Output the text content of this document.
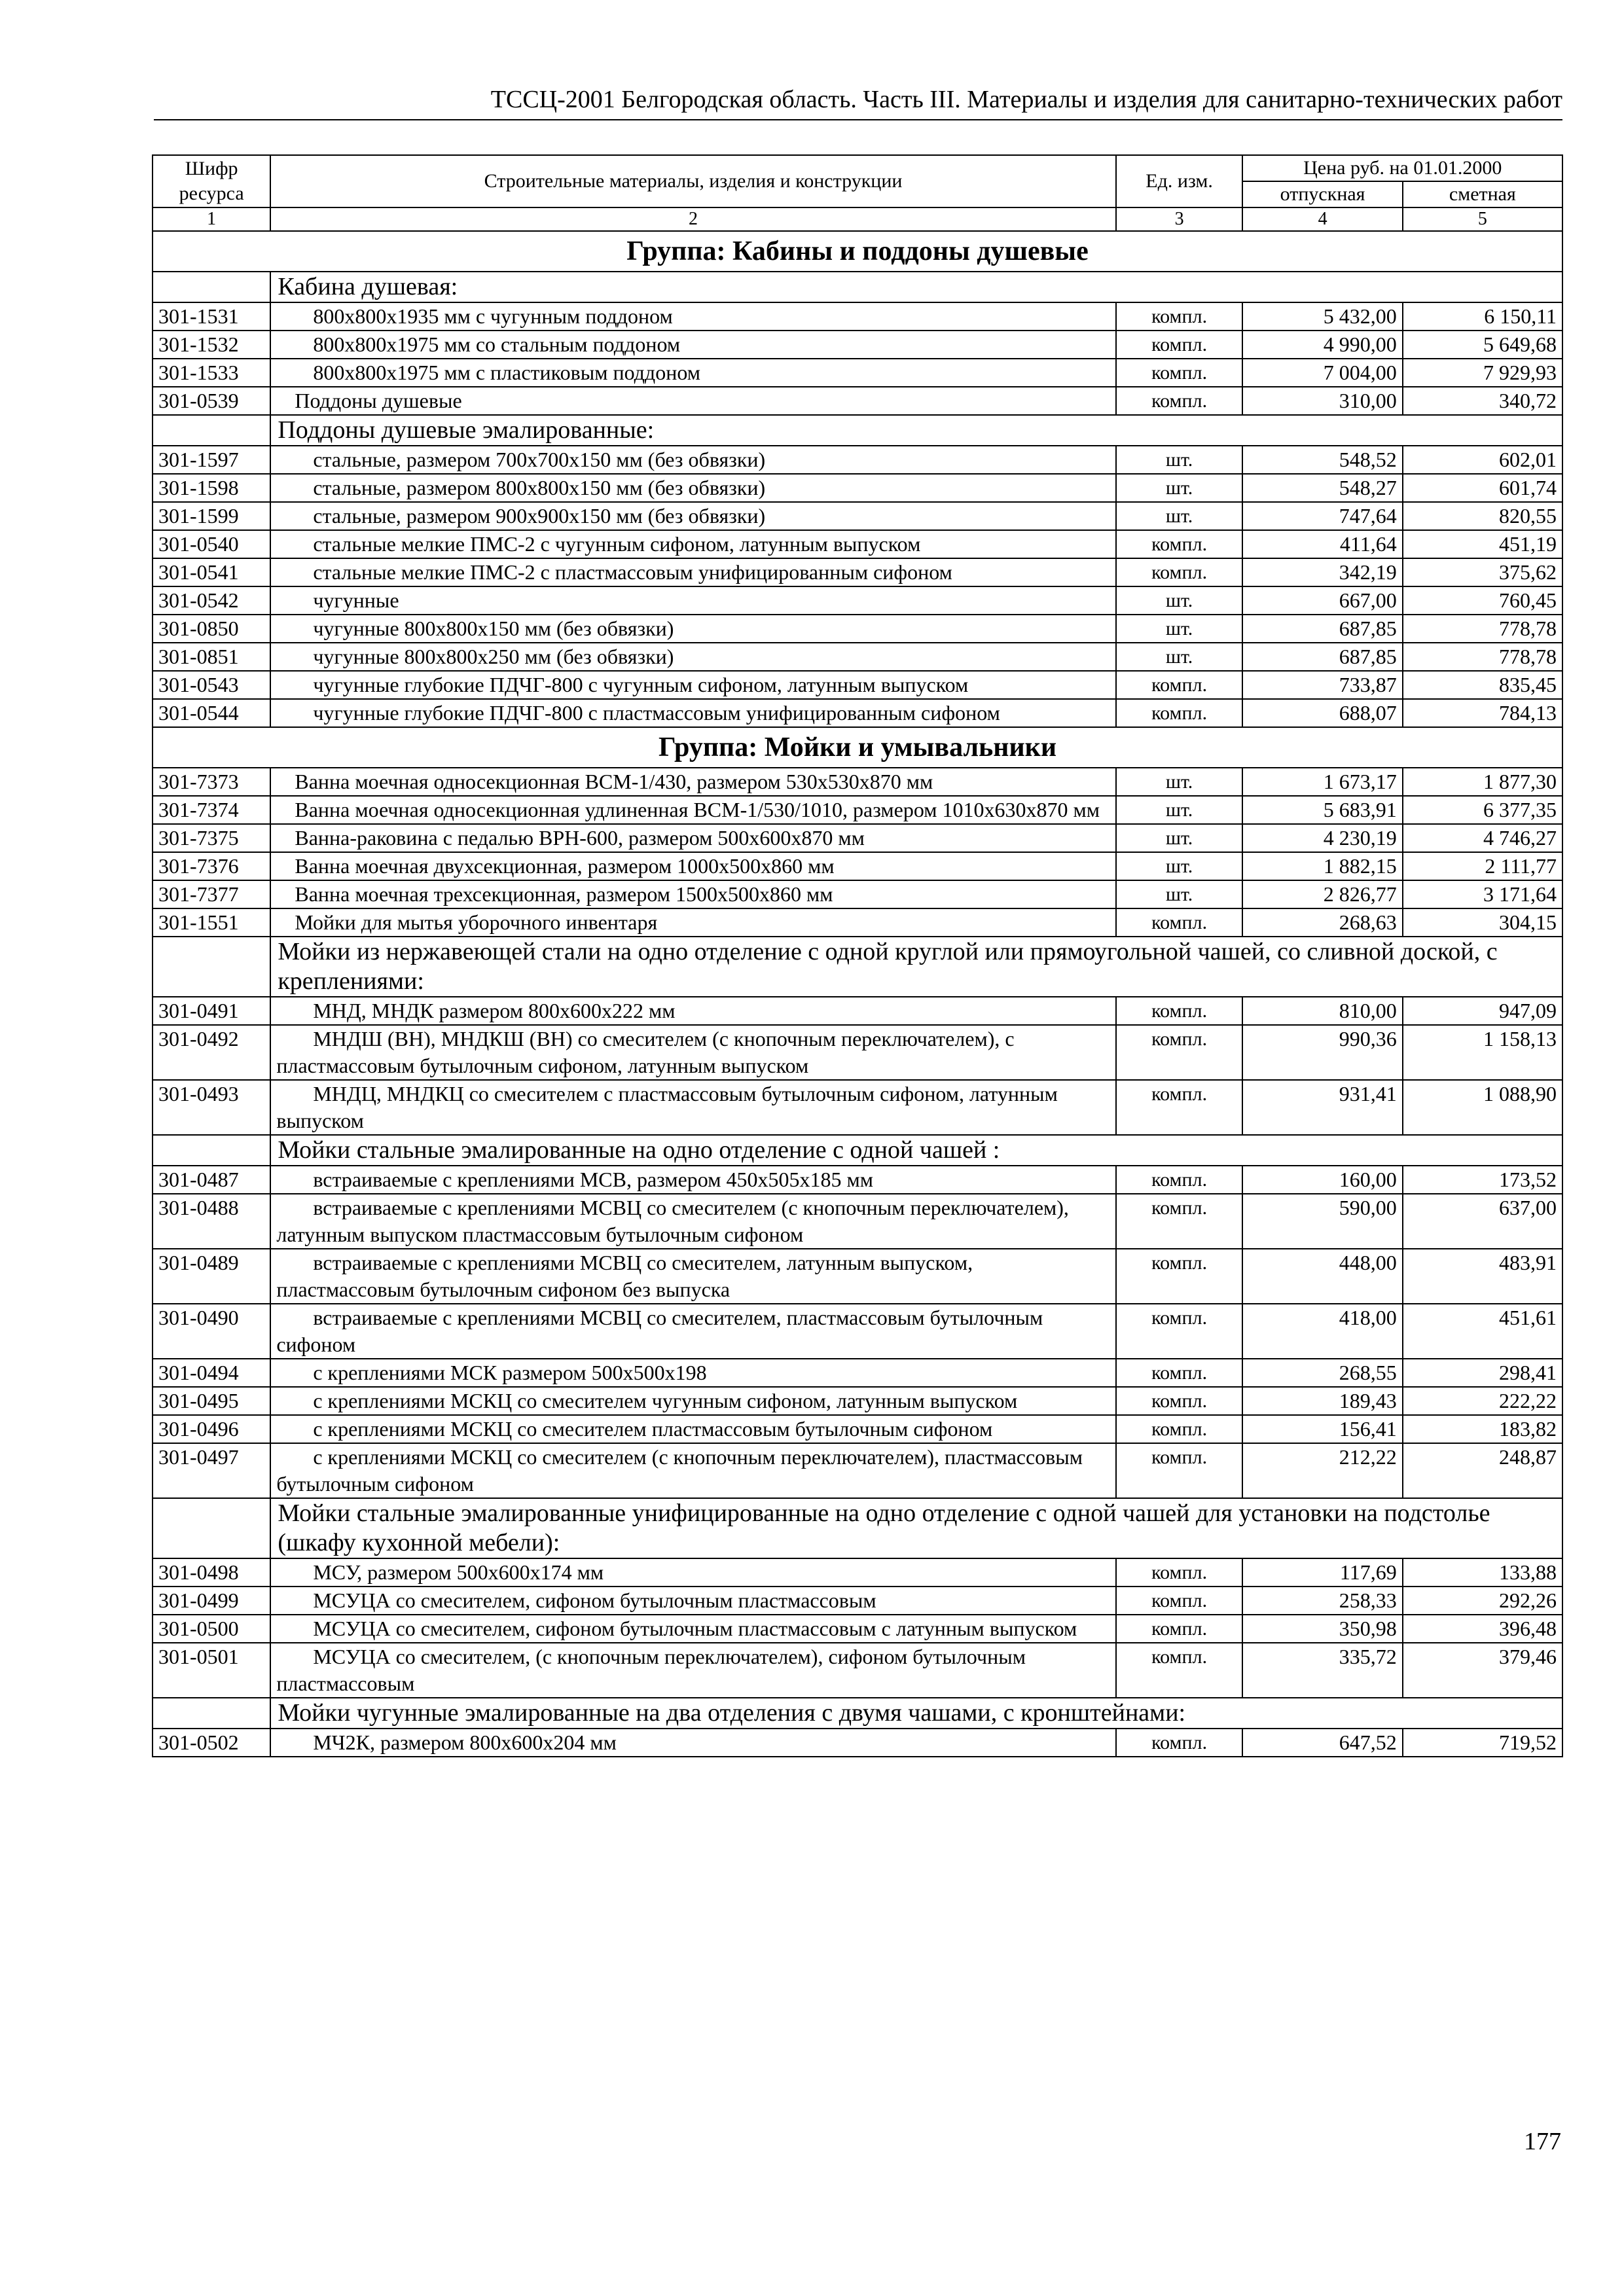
ТССЦ-2001 Белгородская область. Часть III. Материалы и изделия для санитарно-технических работ
Шифр ресурса	Строительные материалы, изделия и конструкции	Ед. изм.	Цена руб. на 01.01.2000	
			отпускная	сметная
1	2	3	4	5
Группа: Кабины и поддоны душевые				
	Кабина душевая:			
301-1531	800х800х1935 мм с чугунным поддоном	компл.	5 432,00	6 150,11
301-1532	800х800х1975 мм со стальным поддоном	компл.	4 990,00	5 649,68
301-1533	800х800х1975 мм с пластиковым поддоном	компл.	7 004,00	7 929,93
301-0539	Поддоны душевые	компл.	310,00	340,72
	Поддоны душевые эмалированные:			
301-1597	стальные, размером 700х700х150 мм (без обвязки)	шт.	548,52	602,01
301-1598	стальные, размером 800х800х150 мм (без обвязки)	шт.	548,27	601,74
301-1599	стальные, размером 900х900х150 мм (без обвязки)	шт.	747,64	820,55
301-0540	стальные мелкие ПМС-2 с чугунным сифоном, латунным выпуском	компл.	411,64	451,19
301-0541	стальные мелкие ПМС-2 с пластмассовым унифицированным сифоном	компл.	342,19	375,62
301-0542	чугунные	шт.	667,00	760,45
301-0850	чугунные 800х800х150 мм (без обвязки)	шт.	687,85	778,78
301-0851	чугунные 800х800х250 мм (без обвязки)	шт.	687,85	778,78
301-0543	чугунные глубокие ПДЧГ-800 с чугунным сифоном, латунным выпуском	компл.	733,87	835,45
301-0544	чугунные глубокие ПДЧГ-800 с пластмассовым унифицированным сифоном	компл.	688,07	784,13
Группа: Мойки и умывальники				
301-7373	Ванна моечная односекционная ВСМ-1/430, размером 530х530х870 мм	шт.	1 673,17	1 877,30
301-7374	Ванна моечная односекционная удлиненная ВСМ-1/530/1010, размером 1010х630х870 мм	шт.	5 683,91	6 377,35
301-7375	Ванна-раковина с педалью ВРН-600, размером 500х600х870 мм	шт.	4 230,19	4 746,27
301-7376	Ванна моечная двухсекционная, размером 1000х500х860 мм	шт.	1 882,15	2 111,77
301-7377	Ванна моечная трехсекционная, размером 1500х500х860 мм	шт.	2 826,77	3 171,64
301-1551	Мойки для мытья уборочного инвентаря	компл.	268,63	304,15
	Мойки из нержавеющей стали на одно отделение с одной круглой или прямоугольной чашей, со сливной доской, с креплениями:			
301-0491	МНД, МНДК размером 800х600х222 мм	компл.	810,00	947,09
301-0492	МНДШ (ВН), МНДКШ (ВН) со смесителем (с кнопочным переключателем), с пластмассовым бутылочным сифоном, латунным выпуском	компл.	990,36	1 158,13
301-0493	МНДЦ, МНДКЦ со смесителем с пластмассовым бутылочным сифоном, латунным выпуском	компл.	931,41	1 088,90
	Мойки стальные эмалированные на одно отделение с одной чашей :			
301-0487	встраиваемые с креплениями МСВ, размером 450х505х185 мм	компл.	160,00	173,52
301-0488	встраиваемые с креплениями МСВЦ со смесителем (с кнопочным переключателем), латунным выпуском пластмассовым бутылочным сифоном	компл.	590,00	637,00
301-0489	встраиваемые с креплениями МСВЦ со смесителем, латунным выпуском, пластмассовым бутылочным сифоном без выпуска	компл.	448,00	483,91
301-0490	встраиваемые с креплениями МСВЦ со смесителем, пластмассовым бутылочным сифоном	компл.	418,00	451,61
301-0494	с креплениями МСК размером 500х500х198	компл.	268,55	298,41
301-0495	с креплениями МСКЦ со смесителем чугунным сифоном, латунным выпуском	компл.	189,43	222,22
301-0496	с креплениями МСКЦ со смесителем пластмассовым бутылочным сифоном	компл.	156,41	183,82
301-0497	с креплениями МСКЦ со смесителем (с кнопочным переключателем), пластмассовым бутылочным сифоном	компл.	212,22	248,87
	Мойки стальные эмалированные унифицированные на одно отделение с одной чашей для установки на подстолье (шкафу кухонной мебели):			
301-0498	МСУ, размером 500х600х174 мм	компл.	117,69	133,88
301-0499	МСУЦА со смесителем, сифоном бутылочным пластмассовым	компл.	258,33	292,26
301-0500	МСУЦА со смесителем, сифоном бутылочным пластмассовым с латунным выпуском	компл.	350,98	396,48
301-0501	МСУЦА со смесителем, (с кнопочным переключателем), сифоном бутылочным пластмассовым	компл.	335,72	379,46
	Мойки чугунные эмалированные на два отделения с двумя чашами, с кронштейнами:			
301-0502	МЧ2К, размером 800х600х204 мм	компл.	647,52	719,52
177
